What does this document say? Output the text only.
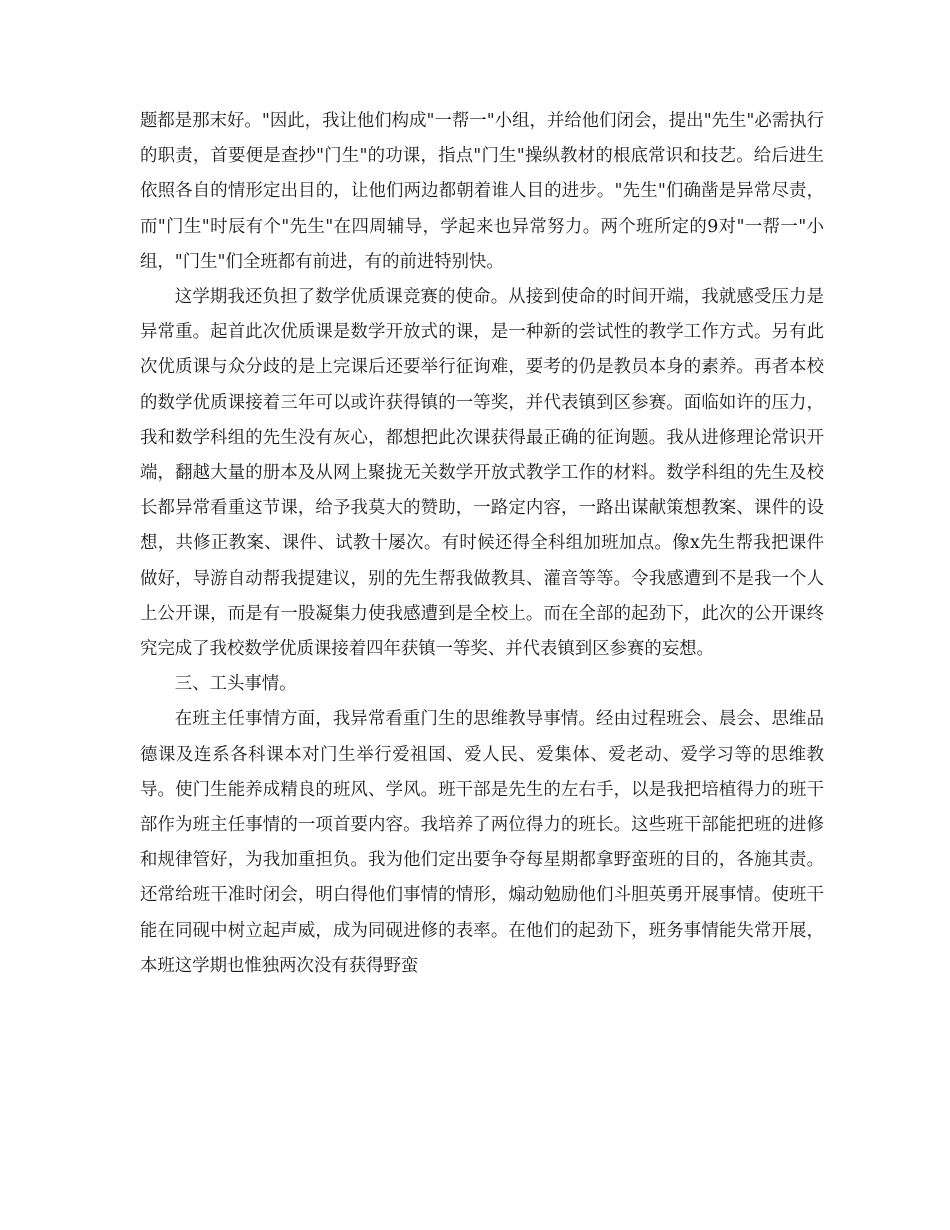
题都是那末好。"因此，我让他们构成"一帮一"小组，并给他们闭会，提出"先生"必需执行的职责，首要便是查抄"门生"的功课，指点"门生"操纵教材的根底常识和技艺。给后进生依照各自的情形定出目的，让他们两边都朝着谁人目的进步。"先生"们确凿是异常尽责，而"门生"时辰有个"先生"在四周辅导，学起来也异常努力。两个班所定的9对"一帮一"小组，"门生"们全班都有前进，有的前进特别快。

这学期我还负担了数学优质课竞赛的使命。从接到使命的时间开端，我就感受压力是异常重。起首此次优质课是数学开放式的课，是一种新的尝试性的教学工作方式。另有此次优质课与众分歧的是上完课后还要举行征询难，要考的仍是教员本身的素养。再者本校的数学优质课接着三年可以或许获得镇的一等奖，并代表镇到区参赛。面临如许的压力，我和数学科组的先生没有灰心，都想把此次课获得最正确的征询题。我从进修理论常识开端，翻越大量的册本及从网上聚拢无关数学开放式教学工作的材料。数学科组的先生及校长都异常看重这节课，给予我莫大的赞助，一路定内容，一路出谋献策想教案、课件的设想，共修正教案、课件、试教十屡次。有时候还得全科组加班加点。像x先生帮我把课件做好，导游自动帮我提建议，别的先生帮我做教具、灌音等等。令我感遭到不是我一个人上公开课，而是有一股凝集力使我感遭到是全校上。而在全部的起劲下，此次的公开课终究完成了我校数学优质课接着四年获镇一等奖、并代表镇到区参赛的妄想。

三、工头事情。

在班主任事情方面，我异常看重门生的思维教导事情。经由过程班会、晨会、思维品德课及连系各科课本对门生举行爱祖国、爱人民、爱集体、爱老动、爱学习等的思维教导。使门生能养成精良的班风、学风。班干部是先生的左右手，以是我把培植得力的班干部作为班主任事情的一项首要内容。我培养了两位得力的班长。这些班干部能把班的进修和规律管好，为我加重担负。我为他们定出要争夺每星期都拿野蛮班的目的，各施其责。还常给班干准时闭会，明白得他们事情的情形，煽动勉励他们斗胆英勇开展事情。使班干能在同砚中树立起声威，成为同砚进修的表率。在他们的起劲下，班务事情能失常开展，本班这学期也惟独两次没有获得野蛮
